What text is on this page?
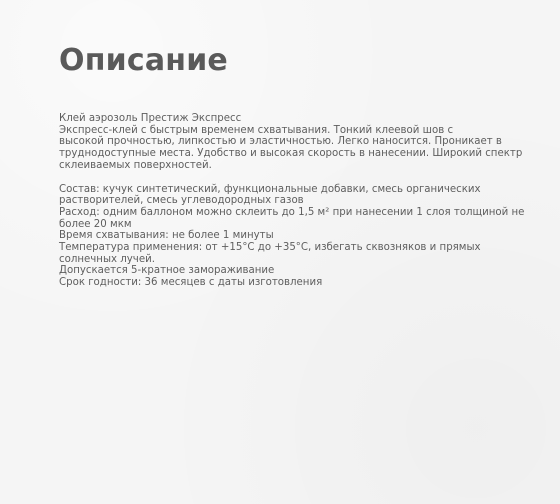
Описание
Клей аэрозоль Престиж Экспресс
Экспресс-клей с быстрым временем схватывания. Тонкий клеевой шов с
высокой прочностью, липкостью и эластичностью. Легко наносится. Проникает в
труднодоступные места. Удобство и высокая скорость в нанесении. Широкий спектр
склеиваемых поверхностей.
Состав: кучук синтетический, функциональные добавки, смесь органических
растворителей, смесь углеводородных газов
Расход: одним баллоном можно склеить до 1,5 м² при нанесении 1 слоя толщиной не
более 20 мкм
Время схватывания: не более 1 минуты
Температура применения: от +15°С до +35°С, избегать сквозняков и прямых
солнечных лучей.
Допускается 5-кратное замораживание
Срок годности: 36 месяцев с даты изготовления
